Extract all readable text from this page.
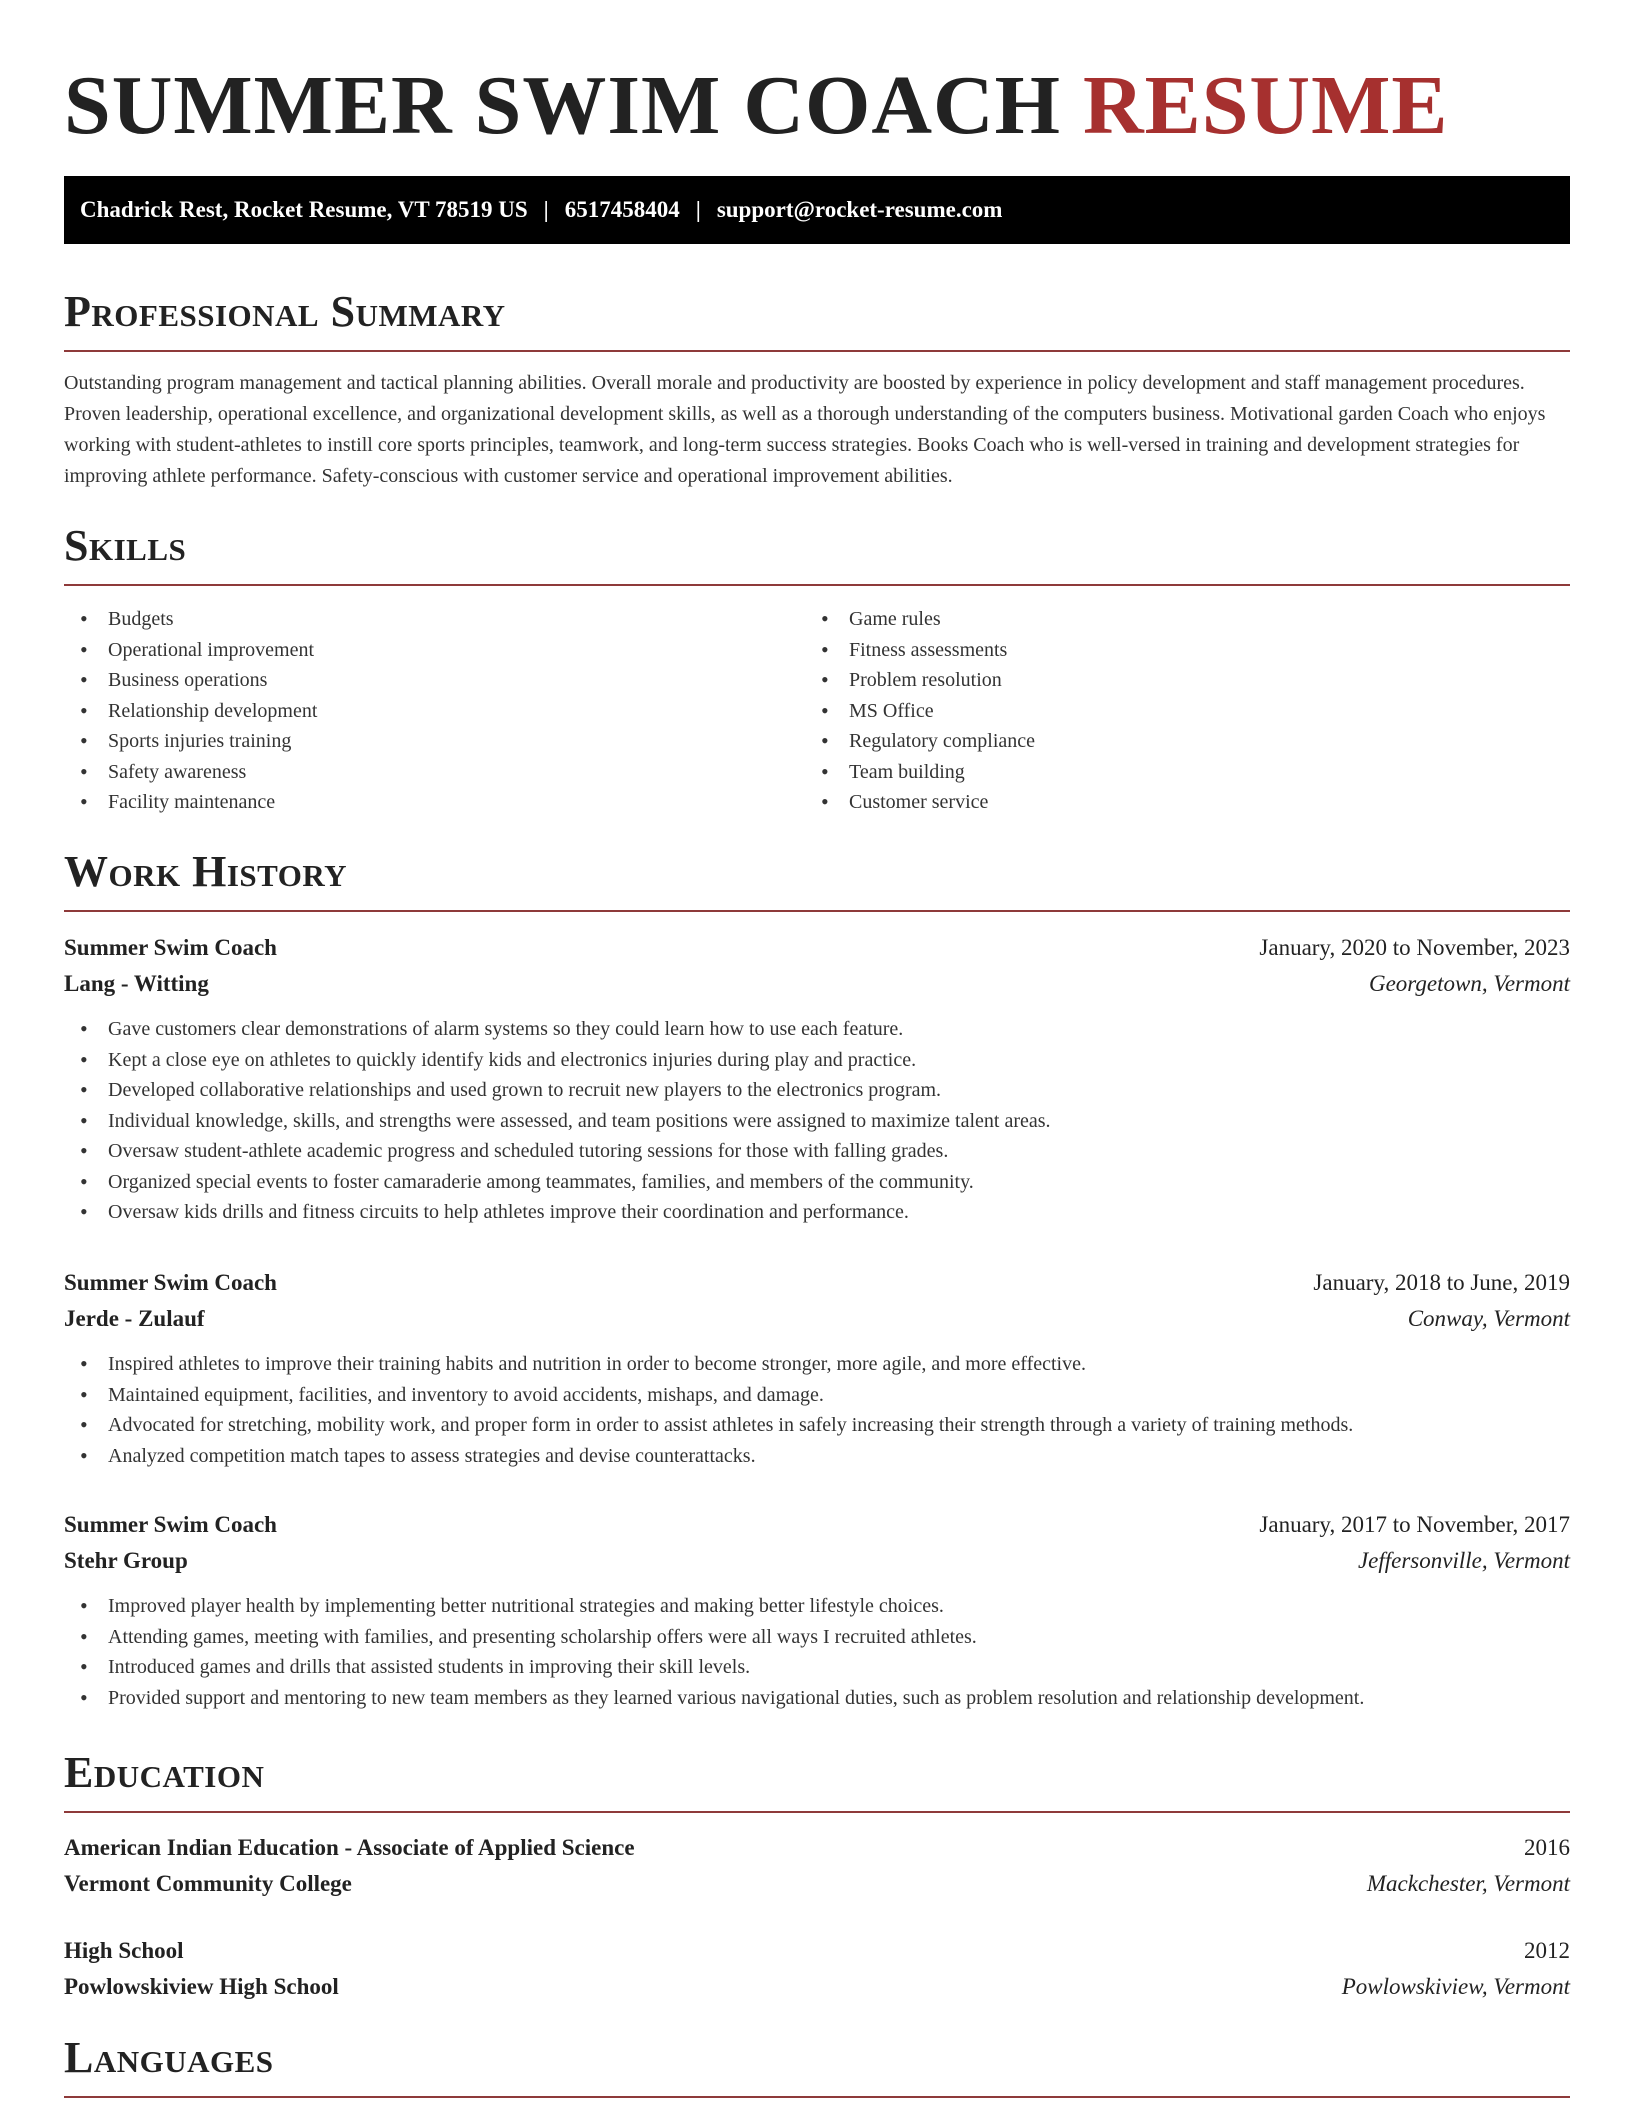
SUMMER SWIM COACH RESUME
Chadrick Rest, Rocket Resume, VT 78519 US | 6517458404 | support@rocket-resume.com
Professional Summary

Outstanding program management and tactical planning abilities. Overall morale and productivity are boosted by experience in policy development and staff management procedures. Proven leadership, operational excellence, and organizational development skills, as well as a thorough understanding of the computers business. Motivational garden Coach who enjoys working with student-athletes to instill core sports principles, teamwork, and long-term success strategies. Books Coach who is well-versed in training and development strategies for improving athlete performance. Safety-conscious with customer service and operational improvement abilities.

Skills
• Budgets
• Operational improvement
• Business operations
• Relationship development
• Sports injuries training
• Safety awareness
• Facility maintenance
• Game rules
• Fitness assessments
• Problem resolution
• MS Office
• Regulatory compliance
• Team building
• Customer service
Work History
Summer Swim Coach	January, 2020 to November, 2023
Lang - Witting	Georgetown, Vermont
• Gave customers clear demonstrations of alarm systems so they could learn how to use each feature.
• Kept a close eye on athletes to quickly identify kids and electronics injuries during play and practice.
• Developed collaborative relationships and used grown to recruit new players to the electronics program.
• Individual knowledge, skills, and strengths were assessed, and team positions were assigned to maximize talent areas.
• Oversaw student-athlete academic progress and scheduled tutoring sessions for those with falling grades.
• Organized special events to foster camaraderie among teammates, families, and members of the community.
• Oversaw kids drills and fitness circuits to help athletes improve their coordination and performance.
Summer Swim Coach	January, 2018 to June, 2019
Jerde - Zulauf	Conway, Vermont
• Inspired athletes to improve their training habits and nutrition in order to become stronger, more agile, and more effective.
• Maintained equipment, facilities, and inventory to avoid accidents, mishaps, and damage.
• Advocated for stretching, mobility work, and proper form in order to assist athletes in safely increasing their strength through a variety of training methods.
• Analyzed competition match tapes to assess strategies and devise counterattacks.
Summer Swim Coach	January, 2017 to November, 2017
Stehr Group	Jeffersonville, Vermont
• Improved player health by implementing better nutritional strategies and making better lifestyle choices.
• Attending games, meeting with families, and presenting scholarship offers were all ways I recruited athletes.
• Introduced games and drills that assisted students in improving their skill levels.
• Provided support and mentoring to new team members as they learned various navigational duties, such as problem resolution and relationship development.
Education
American Indian Education - Associate of Applied Science	2016
Vermont Community College	Mackchester, Vermont
High School	2012
Powlowskiview High School	Powlowskiview, Vermont
Languages
